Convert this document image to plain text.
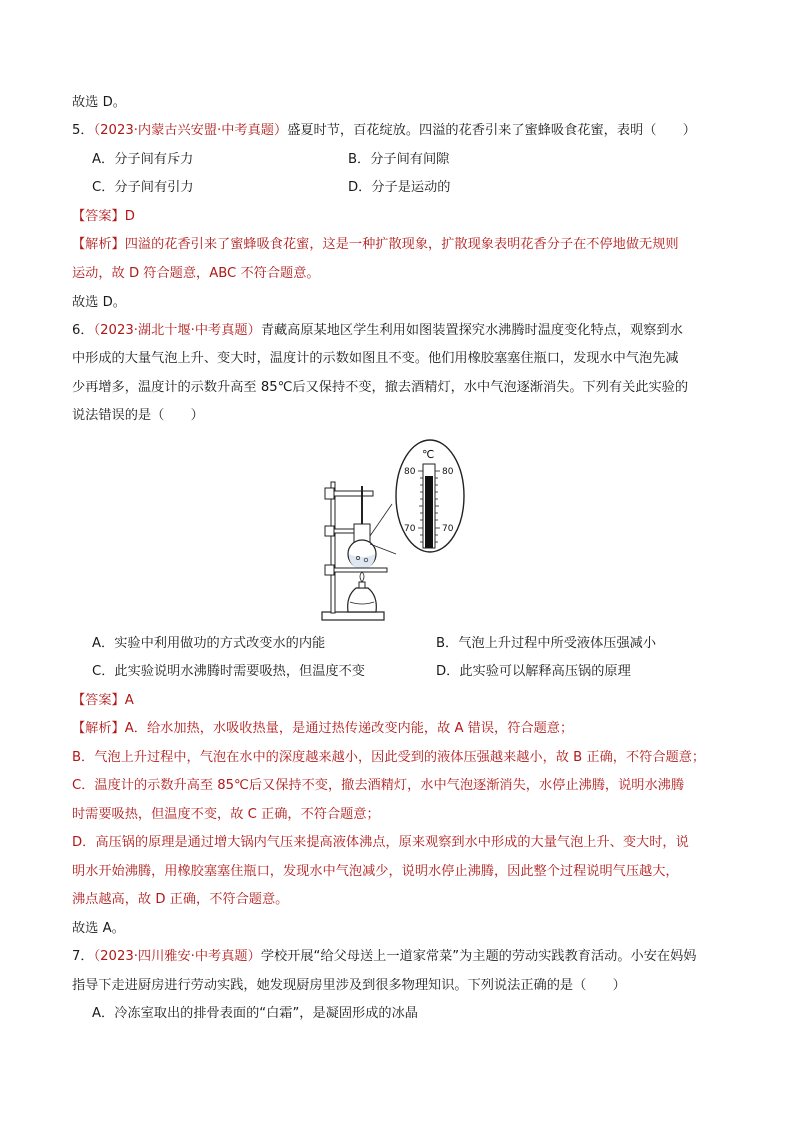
故选 D。
5．（2023·内蒙古兴安盟·中考真题）盛夏时节，百花绽放。四溢的花香引来了蜜蜂吸食花蜜，表明（　　）
A．分子间有斥力	B．分子间有间隙
C．分子间有引力	D．分子是运动的
【答案】D
【解析】四溢的花香引来了蜜蜂吸食花蜜，这是一种扩散现象，扩散现象表明花香分子在不停地做无规则
运动，故 D 符合题意，ABC 不符合题意。
故选 D。
6．（2023·湖北十堰·中考真题）青藏高原某地区学生利用如图装置探究水沸腾时温度变化特点，观察到水
中形成的大量气泡上升、变大时，温度计的示数如图且不变。他们用橡胶塞塞住瓶口，发现水中气泡先减
少再增多，温度计的示数升高至 85℃后又保持不变，撤去酒精灯，水中气泡逐渐消失。下列有关此实验的
说法错误的是（　　）
℃
80	80
70	70
A．实验中利用做功的方式改变水的内能	B．气泡上升过程中所受液体压强减小
C．此实验说明水沸腾时需要吸热，但温度不变	D．此实验可以解释高压锅的原理
【答案】A
【解析】A．给水加热，水吸收热量，是通过热传递改变内能，故 A 错误，符合题意；
B．气泡上升过程中，气泡在水中的深度越来越小，因此受到的液体压强越来越小，故 B 正确，不符合题意；
C．温度计的示数升高至 85℃后又保持不变，撤去酒精灯，水中气泡逐渐消失，水停止沸腾，说明水沸腾
时需要吸热，但温度不变，故 C 正确，不符合题意；
D．高压锅的原理是通过增大锅内气压来提高液体沸点，原来观察到水中形成的大量气泡上升、变大时，说
明水开始沸腾，用橡胶塞塞住瓶口，发现水中气泡减少，说明水停止沸腾，因此整个过程说明气压越大，
沸点越高，故 D 正确，不符合题意。
故选 A。
7．（2023·四川雅安·中考真题）学校开展“给父母送上一道家常菜”为主题的劳动实践教育活动。小安在妈妈
指导下走进厨房进行劳动实践，她发现厨房里涉及到很多物理知识。下列说法正确的是（　　）
A．冷冻室取出的排骨表面的“白霜”，是凝固形成的冰晶
